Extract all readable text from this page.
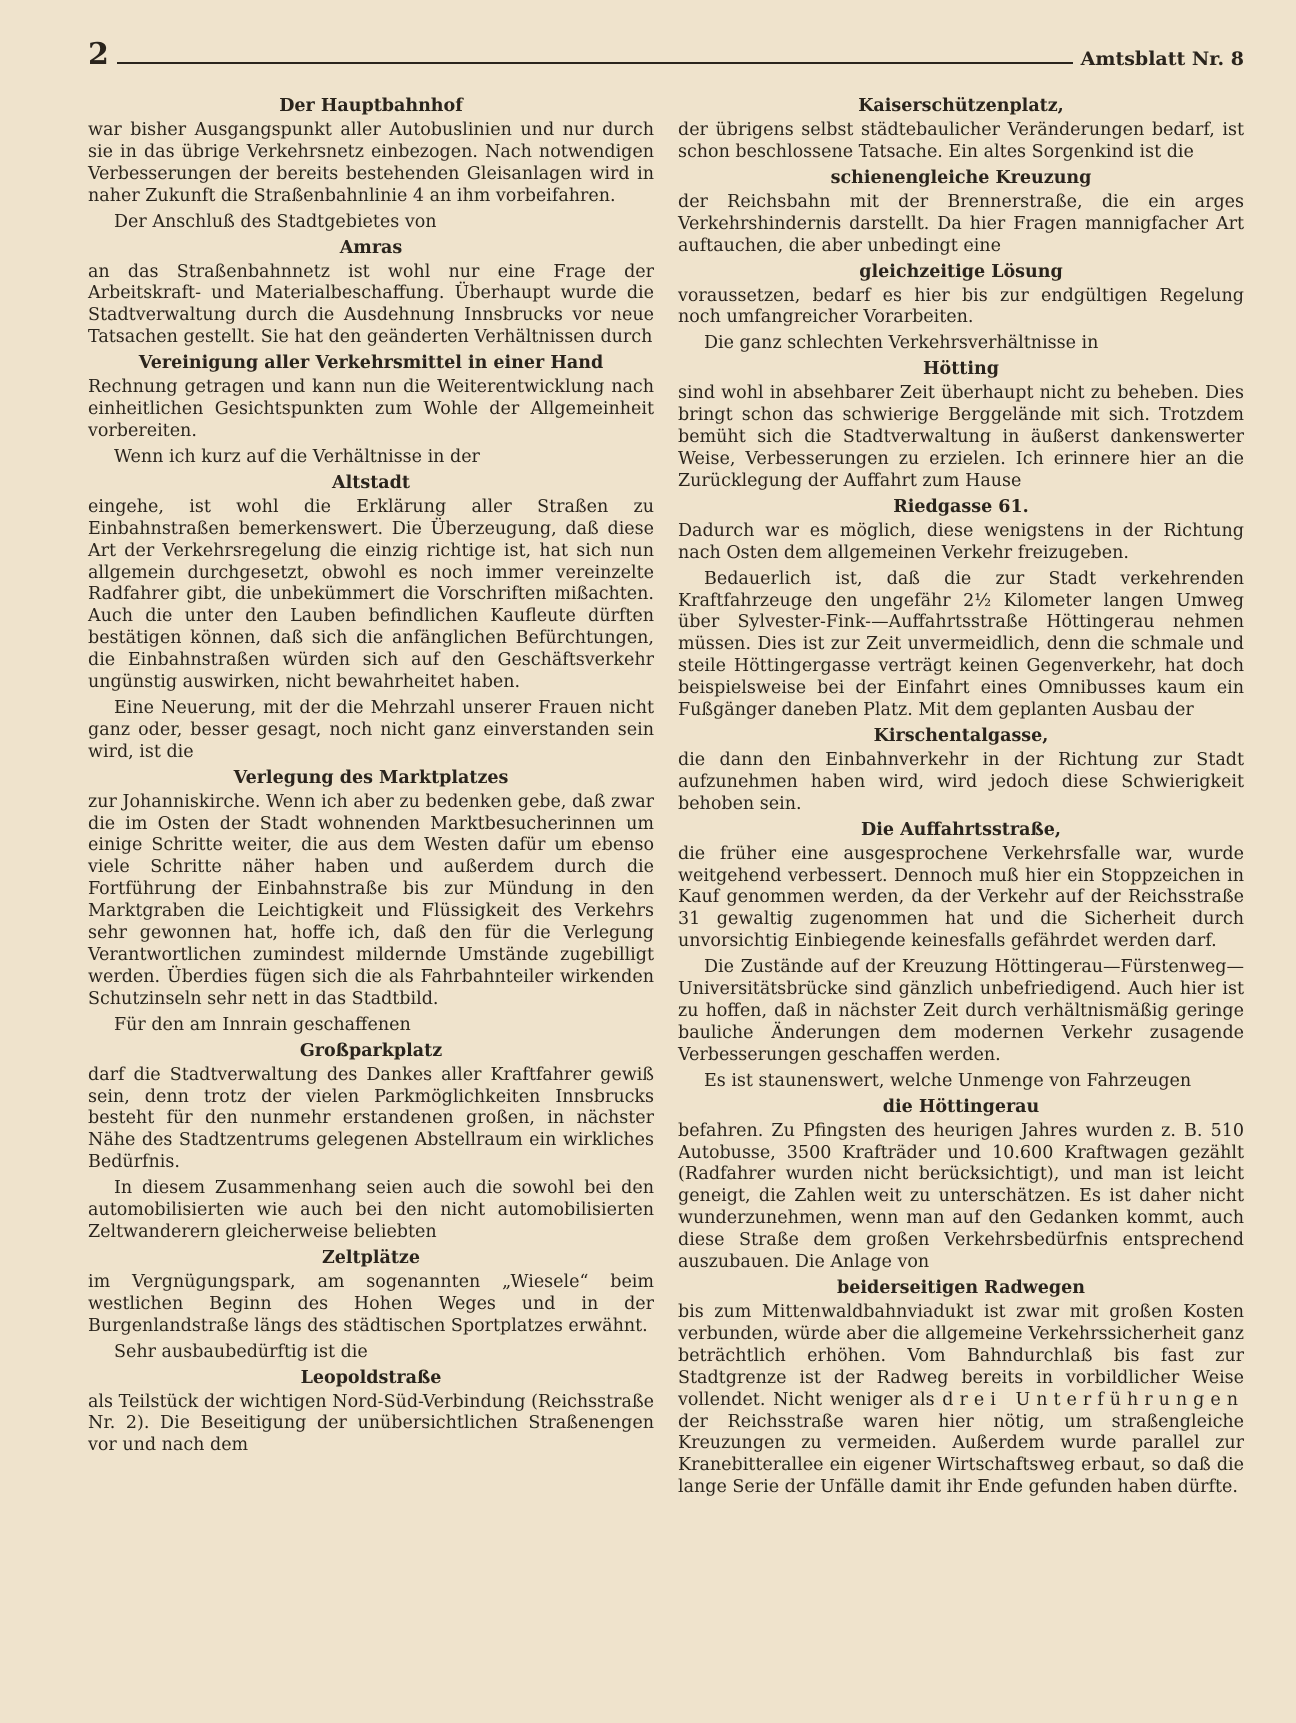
2	Amtsblatt Nr. 8
Der Hauptbahnhof

war bisher Ausgangspunkt aller Autobuslinien und nur durch sie in das übrige Verkehrsnetz einbezogen. Nach notwendigen Verbesserungen der bereits bestehenden Gleisanlagen wird in naher Zukunft die Straßenbahnlinie 4 an ihm vorbeifahren.

Der Anschluß des Stadtgebietes von

Amras

an das Straßenbahnnetz ist wohl nur eine Frage der Arbeitskraft- und Materialbeschaffung. Überhaupt wurde die Stadtverwaltung durch die Ausdehnung Innsbrucks vor neue Tatsachen gestellt. Sie hat den geänderten Verhältnissen durch

Vereinigung aller Verkehrsmittel in einer Hand

Rechnung getragen und kann nun die Weiterentwicklung nach einheitlichen Gesichtspunkten zum Wohle der Allgemeinheit vorbereiten.

Wenn ich kurz auf die Verhältnisse in der

Altstadt

eingehe, ist wohl die Erklärung aller Straßen zu Einbahnstraßen bemerkenswert. Die Überzeugung, daß diese Art der Verkehrsregelung die einzig richtige ist, hat sich nun allgemein durchgesetzt, obwohl es noch immer vereinzelte Radfahrer gibt, die unbekümmert die Vorschriften mißachten. Auch die unter den Lauben befindlichen Kaufleute dürften bestätigen können, daß sich die anfänglichen Befürchtungen, die Einbahnstraßen würden sich auf den Geschäftsverkehr ungünstig auswirken, nicht bewahrheitet haben.

Eine Neuerung, mit der die Mehrzahl unserer Frauen nicht ganz oder, besser gesagt, noch nicht ganz einverstanden sein wird, ist die

Verlegung des Marktplatzes

zur Johanniskirche. Wenn ich aber zu bedenken gebe, daß zwar die im Osten der Stadt wohnenden Marktbesucherinnen um einige Schritte weiter, die aus dem Westen dafür um ebenso viele Schritte näher haben und außerdem durch die Fortführung der Einbahnstraße bis zur Mündung in den Marktgraben die Leichtigkeit und Flüssigkeit des Verkehrs sehr gewonnen hat, hoffe ich, daß den für die Verlegung Verantwortlichen zumindest mildernde Umstände zugebilligt werden. Überdies fügen sich die als Fahrbahnteiler wirkenden Schutzinseln sehr nett in das Stadtbild.

Für den am Innrain geschaffenen

Großparkplatz

darf die Stadtverwaltung des Dankes aller Kraftfahrer gewiß sein, denn trotz der vielen Parkmöglichkeiten Innsbrucks besteht für den nunmehr erstandenen großen, in nächster Nähe des Stadtzentrums gelegenen Abstellraum ein wirkliches Bedürfnis.

In diesem Zusammenhang seien auch die sowohl bei den automobilisierten wie auch bei den nicht automobilisierten Zeltwanderern gleicherweise beliebten

Zeltplätze

im Vergnügungspark, am sogenannten „Wiesele“ beim westlichen Beginn des Hohen Weges und in der Burgenlandstraße längs des städtischen Sportplatzes erwähnt.

Sehr ausbaubedürftig ist die

Leopoldstraße

als Teilstück der wichtigen Nord-Süd-Verbindung (Reichsstraße Nr. 2). Die Beseitigung der unübersichtlichen Straßenengen vor und nach dem

Kaiserschützenplatz,

der übrigens selbst städtebaulicher Veränderungen bedarf, ist schon beschlossene Tatsache. Ein altes Sorgenkind ist die

schienengleiche Kreuzung

der Reichsbahn mit der Brennerstraße, die ein arges Verkehrshindernis darstellt. Da hier Fragen mannigfacher Art auftauchen, die aber unbedingt eine

gleichzeitige Lösung

voraussetzen, bedarf es hier bis zur endgültigen Regelung noch umfangreicher Vorarbeiten.

Die ganz schlechten Verkehrsverhältnisse in

Hötting

sind wohl in absehbarer Zeit überhaupt nicht zu beheben. Dies bringt schon das schwierige Berggelände mit sich. Trotzdem bemüht sich die Stadtverwaltung in äußerst dankenswerter Weise, Verbesserungen zu erzielen. Ich erinnere hier an die Zurücklegung der Auffahrt zum Hause

Riedgasse 61.

Dadurch war es möglich, diese wenigstens in der Richtung nach Osten dem allgemeinen Verkehr freizugeben.

Bedauerlich ist, daß die zur Stadt verkehrenden Kraftfahrzeuge den ungefähr 2½ Kilometer langen Umweg über Sylvester-Fink-—Auffahrtsstraße Höttingerau nehmen müssen. Dies ist zur Zeit unvermeidlich, denn die schmale und steile Höttingergasse verträgt keinen Gegenverkehr, hat doch beispielsweise bei der Einfahrt eines Omnibusses kaum ein Fußgänger daneben Platz. Mit dem geplanten Ausbau der

Kirschentalgasse,

die dann den Einbahnverkehr in der Richtung zur Stadt aufzunehmen haben wird, wird jedoch diese Schwierigkeit behoben sein.

Die Auffahrtsstraße,

die früher eine ausgesprochene Verkehrsfalle war, wurde weitgehend verbessert. Dennoch muß hier ein Stoppzeichen in Kauf genommen werden, da der Verkehr auf der Reichsstraße 31 gewaltig zugenommen hat und die Sicherheit durch unvorsichtig Einbiegende keinesfalls gefährdet werden darf.

Die Zustände auf der Kreuzung Höttingerau—Fürstenweg—Universitätsbrücke sind gänzlich unbefriedigend. Auch hier ist zu hoffen, daß in nächster Zeit durch verhältnismäßig geringe bauliche Änderungen dem modernen Verkehr zusagende Verbesserungen geschaffen werden.

Es ist staunenswert, welche Unmenge von Fahrzeugen

die Höttingerau

befahren. Zu Pfingsten des heurigen Jahres wurden z. B. 510 Autobusse, 3500 Krafträder und 10.600 Kraftwagen gezählt (Radfahrer wurden nicht berücksichtigt), und man ist leicht geneigt, die Zahlen weit zu unterschätzen. Es ist daher nicht wunderzunehmen, wenn man auf den Gedanken kommt, auch diese Straße dem großen Verkehrsbedürfnis entsprechend auszubauen. Die Anlage von

beiderseitigen Radwegen

bis zum Mittenwaldbahnviadukt ist zwar mit großen Kosten verbunden, würde aber die allgemeine Verkehrssicherheit ganz beträchtlich erhöhen. Vom Bahndurchlaß bis fast zur Stadtgrenze ist der Radweg bereits in vorbildlicher Weise vollendet. Nicht weniger als drei Unterführungen der Reichsstraße waren hier nötig, um straßengleiche Kreuzungen zu vermeiden. Außerdem wurde parallel zur Kranebitterallee ein eigener Wirtschaftsweg erbaut, so daß die lange Serie der Unfälle damit ihr Ende gefunden haben dürfte.
